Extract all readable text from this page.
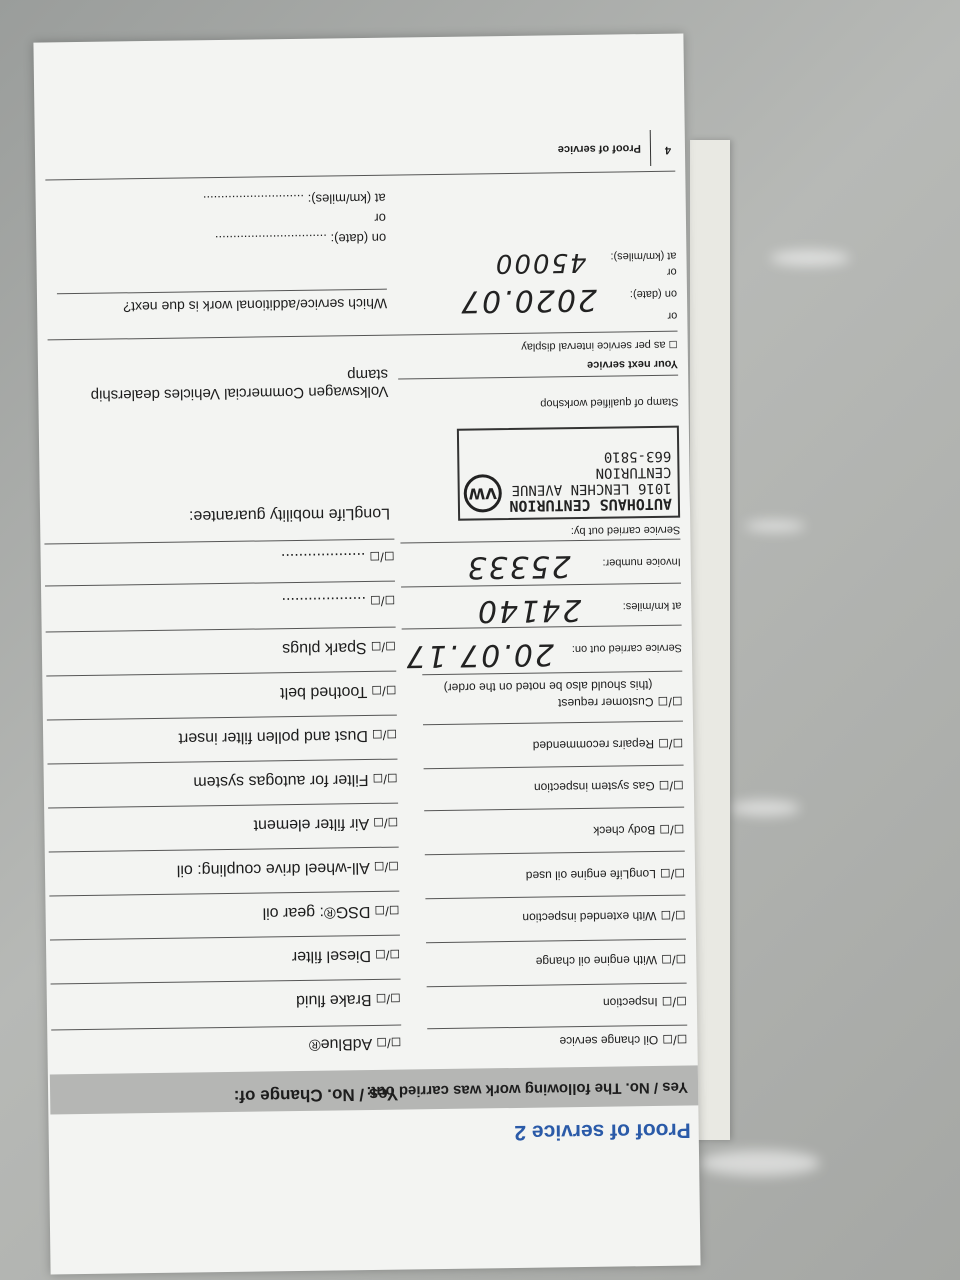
Proof of service 2
Yes / No. The following work was carried out:
Yes / No. Change of:
◻/◻Oil change service
◻/◻Inspection
◻/◻With engine oil change
◻/◻With extended inspection
◻/◻LongLife engine oil used
◻/◻Body check
◻/◻Gas system inspection
◻/◻Repairs recommended
◻/◻Customer request
(this should also be noted on the order)
◻/◻AdBlue®
◻/◻Brake fluid
◻/◻Diesel filter
◻/◻DSG®: gear oil
◻/◻All-wheel drive coupling: oil
◻/◻Air filter element
◻/◻Filter for autogas system
◻/◻Dust and pollen filter insert
◻/◻Toothed belt
◻/◻Spark plugs
◻/◻...................
◻/◻...................
Service carried out on:
20.07.17
at km/miles:
24140
Invoice number:
25333
Service carried out by:
LongLife mobility guarantee:	AUTOHAUS CENTURION
1016 LENCHEN AVENUE
CENTURION
663-5810
VW
Stamp of qualified workshop
Volkswagen Commercial Vehicles dealership stamp
Your next service
◻ as per service interval display
or
on (date):
2020.07
or
at (km/miles):
45000
Which service/additional work is due next?
on (date): ...............................
or
at (km/miles): ............................
4
Proof of service
